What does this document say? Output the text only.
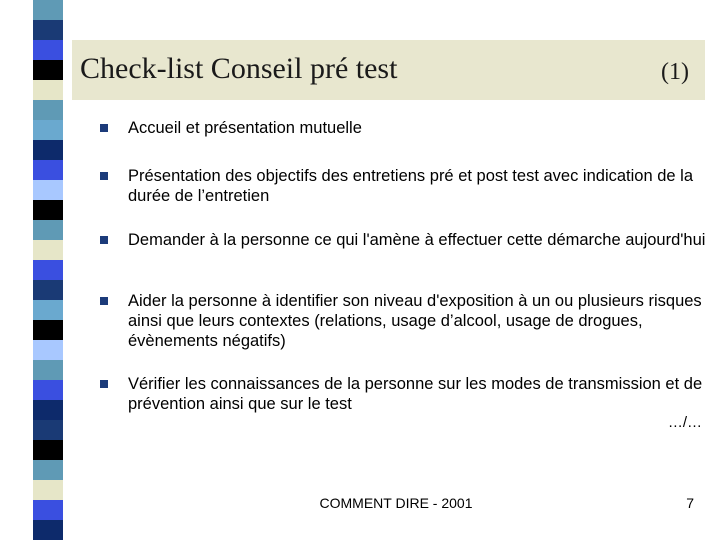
Check-list Conseil pré test	(1)
Accueil et présentation mutuelle
Présentation des objectifs des entretiens pré et post test avec indication de la durée de l’entretien
Demander à la personne ce qui l'amène à effectuer cette démarche aujourd'hui
Aider la personne à identifier son niveau d'exposition à un ou plusieurs risques ainsi que leurs contextes (relations, usage d’alcool, usage de drogues, évènements négatifs)
Vérifier les connaissances de la personne sur les modes de transmission et de prévention ainsi que sur le test
…/…
COMMENT DIRE - 2001	7
